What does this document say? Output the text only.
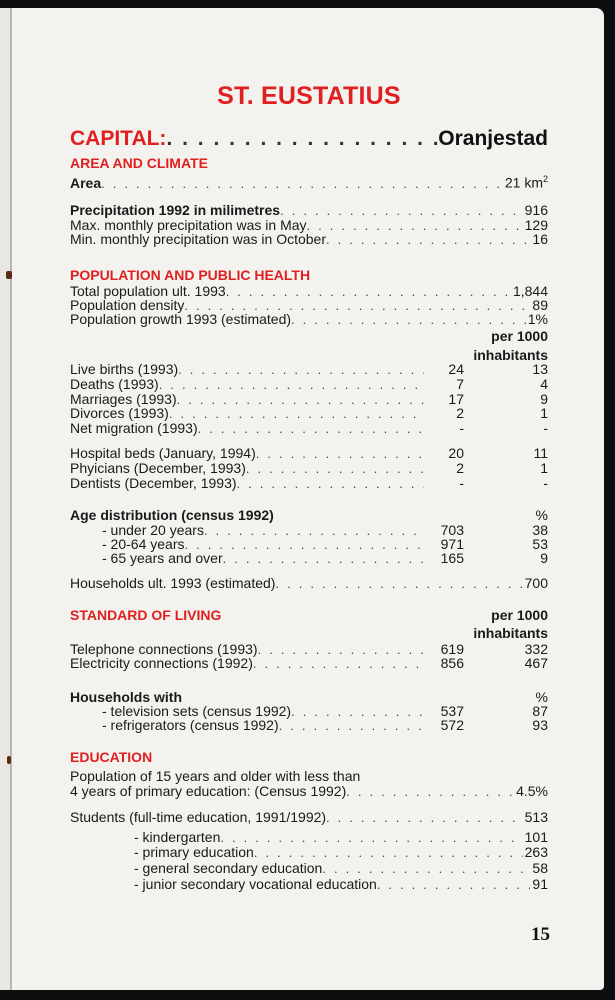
ST. EUSTATIUS
CAPITAL: . .	Oranjestad
AREA AND CLIMATE
Area . . .	21 $km^2$
Precipitation 1992 in milimetres . . .	916
Max. monthly precipitation was in May . . .	129
Min. monthly precipitation was in October . . .	16
POPULATION AND PUBLIC HEALTH
Total population ult. 1993 . . .	1,844
Population density . . .	89
Population growth 1993 (estimated) . . .	1%
per 1000
inhabitants
Live births (1993) . . .	24	13
Deaths (1993) . . .	7	4
Marriages (1993) . . .	17	9
Divorces (1993) . . .	2	1
Net migration (1993) . . .	-	-
Hospital beds (January, 1994) . . .	20	11
Phyicians (December, 1993) . . .	2	1
Dentists (December, 1993) . . .	-	-
Age distribution (census 1992)	%
- under 20 years . . .	703	38
- 20-64 years . . .	971	53
- 65 years and over . . .	165	9
Households ult. 1993 (estimated) . . .	700
STANDARD OF LIVING	per 1000
inhabitants
Telephone connections (1993) . . .	619	332
Electricity connections (1992) . . .	856	467
Households with	%
- television sets (census 1992) . . .	537	87
- refrigerators (census 1992) . . .	572	93
EDUCATION
Population of 15 years and older with less than
4 years of primary education: (Census 1992) . . .	4.5%
Students (full-time education, 1991/1992) . . .	513
- kindergarten . . .	101
- primary education . . .	263
- general secondary education . . .	58
- junior secondary vocational education . . .	91
15
